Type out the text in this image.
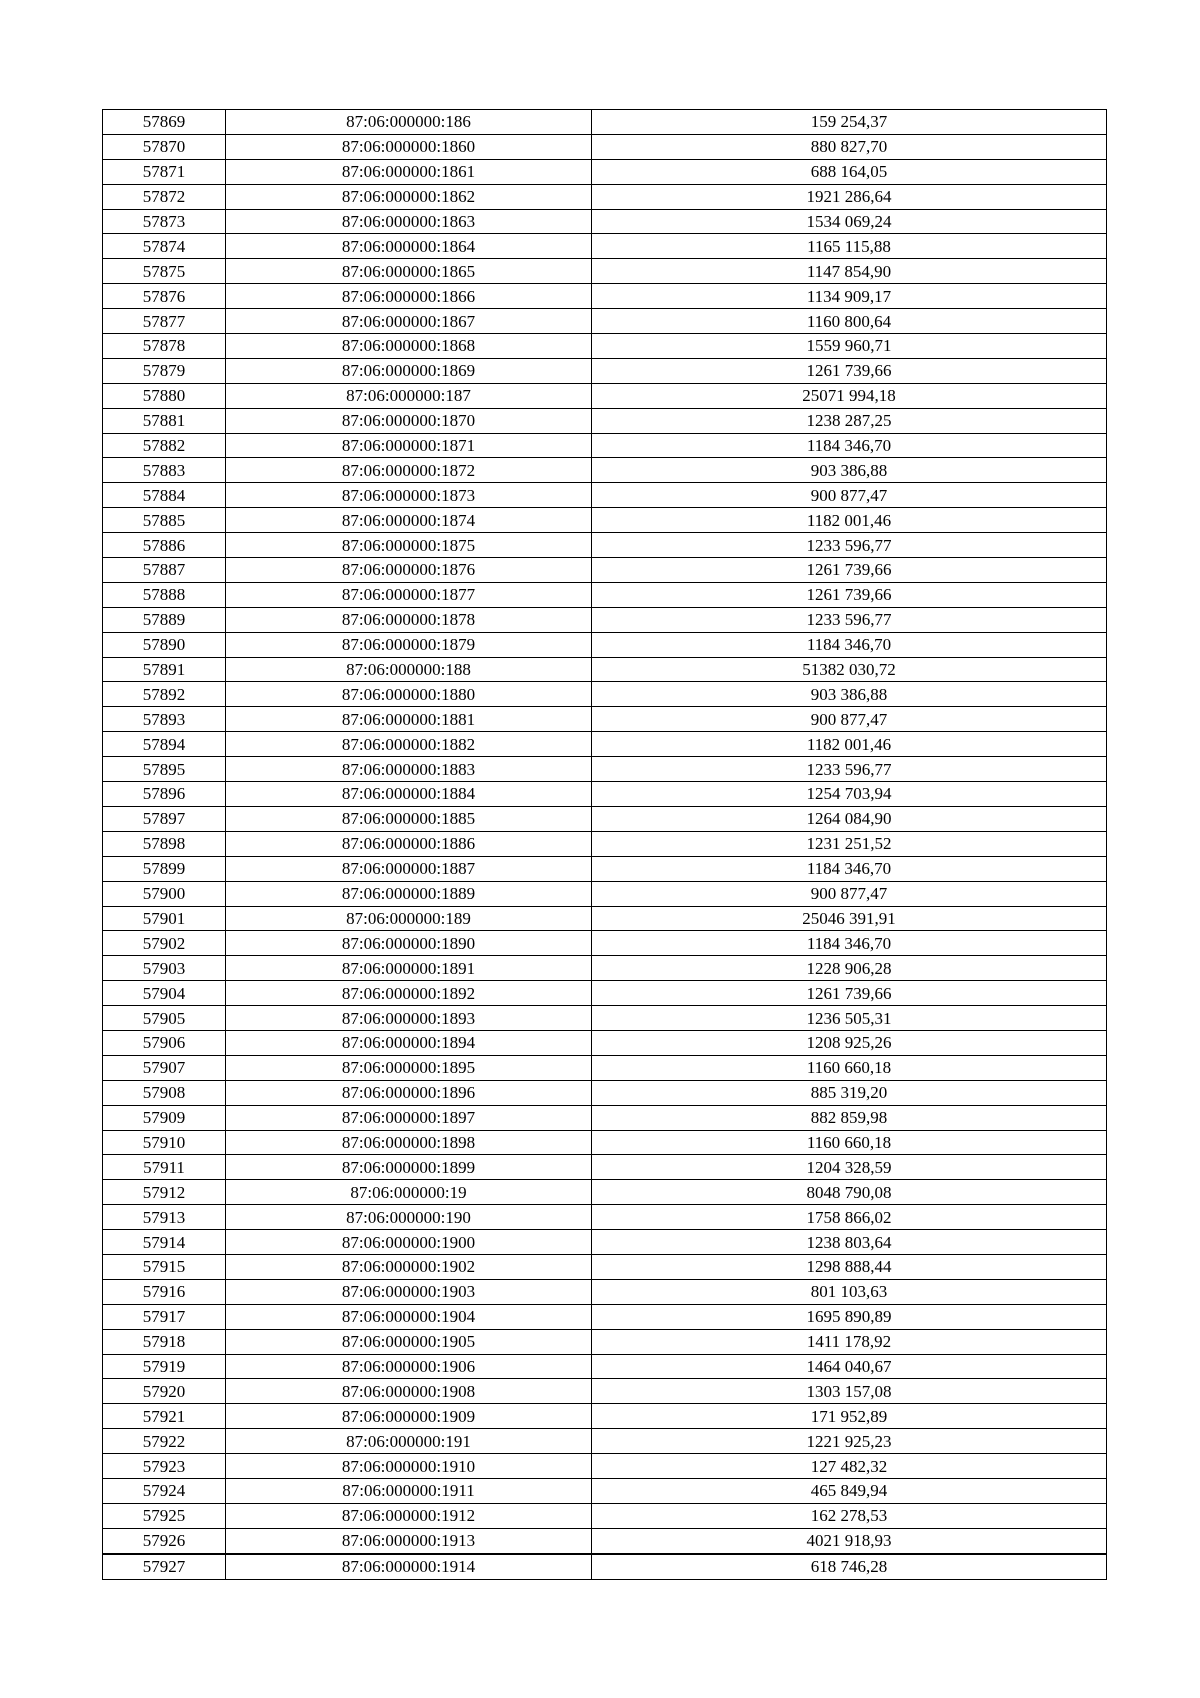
57869	87:06:000000:186	159 254,37
57870	87:06:000000:1860	880 827,70
57871	87:06:000000:1861	688 164,05
57872	87:06:000000:1862	1921 286,64
57873	87:06:000000:1863	1534 069,24
57874	87:06:000000:1864	1165 115,88
57875	87:06:000000:1865	1147 854,90
57876	87:06:000000:1866	1134 909,17
57877	87:06:000000:1867	1160 800,64
57878	87:06:000000:1868	1559 960,71
57879	87:06:000000:1869	1261 739,66
57880	87:06:000000:187	25071 994,18
57881	87:06:000000:1870	1238 287,25
57882	87:06:000000:1871	1184 346,70
57883	87:06:000000:1872	903 386,88
57884	87:06:000000:1873	900 877,47
57885	87:06:000000:1874	1182 001,46
57886	87:06:000000:1875	1233 596,77
57887	87:06:000000:1876	1261 739,66
57888	87:06:000000:1877	1261 739,66
57889	87:06:000000:1878	1233 596,77
57890	87:06:000000:1879	1184 346,70
57891	87:06:000000:188	51382 030,72
57892	87:06:000000:1880	903 386,88
57893	87:06:000000:1881	900 877,47
57894	87:06:000000:1882	1182 001,46
57895	87:06:000000:1883	1233 596,77
57896	87:06:000000:1884	1254 703,94
57897	87:06:000000:1885	1264 084,90
57898	87:06:000000:1886	1231 251,52
57899	87:06:000000:1887	1184 346,70
57900	87:06:000000:1889	900 877,47
57901	87:06:000000:189	25046 391,91
57902	87:06:000000:1890	1184 346,70
57903	87:06:000000:1891	1228 906,28
57904	87:06:000000:1892	1261 739,66
57905	87:06:000000:1893	1236 505,31
57906	87:06:000000:1894	1208 925,26
57907	87:06:000000:1895	1160 660,18
57908	87:06:000000:1896	885 319,20
57909	87:06:000000:1897	882 859,98
57910	87:06:000000:1898	1160 660,18
57911	87:06:000000:1899	1204 328,59
57912	87:06:000000:19	8048 790,08
57913	87:06:000000:190	1758 866,02
57914	87:06:000000:1900	1238 803,64
57915	87:06:000000:1902	1298 888,44
57916	87:06:000000:1903	801 103,63
57917	87:06:000000:1904	1695 890,89
57918	87:06:000000:1905	1411 178,92
57919	87:06:000000:1906	1464 040,67
57920	87:06:000000:1908	1303 157,08
57921	87:06:000000:1909	171 952,89
57922	87:06:000000:191	1221 925,23
57923	87:06:000000:1910	127 482,32
57924	87:06:000000:1911	465 849,94
57925	87:06:000000:1912	162 278,53
57926	87:06:000000:1913	4021 918,93
57927	87:06:000000:1914	618 746,28
